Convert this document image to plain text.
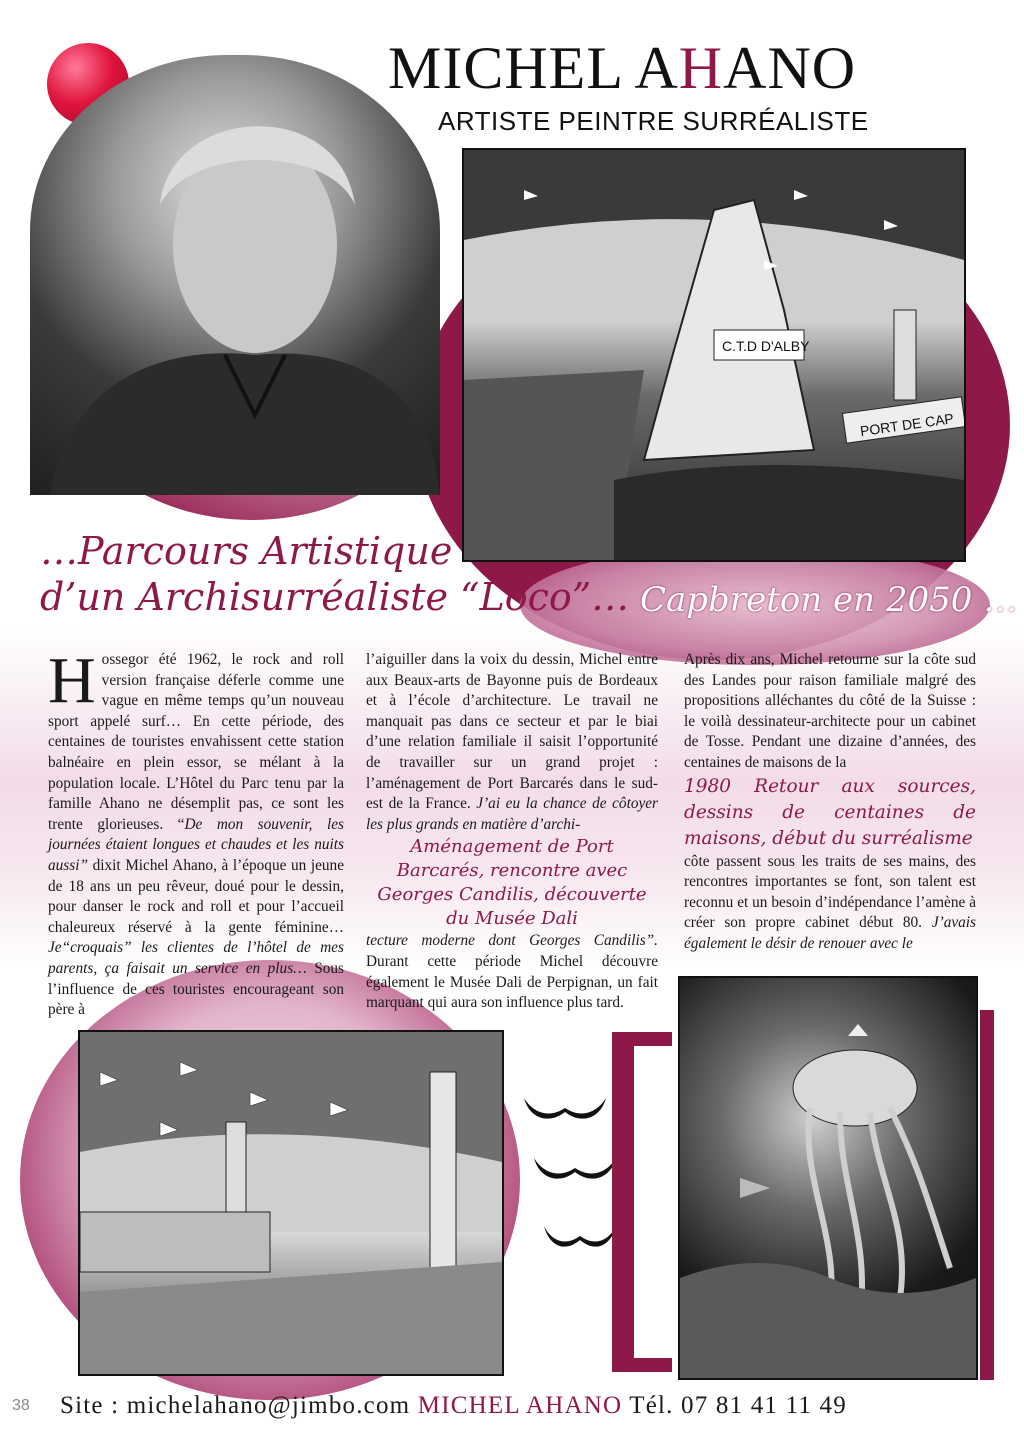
MICHEL AHANO
ARTISTE PEINTRE SURRÉALISTE
C.T.D D'ALBY
PORT DE CAP
…Parcours Artistique
d’un Archisurréaliste “Loco”… Capbreton en 2050 …

Hossegor été 1962, le rock and roll version française déferle comme une vague en même temps qu’un nouveau sport appelé surf… En cette période, des centaines de touristes envahissent cette station balnéaire en plein essor, se mélant à la population locale. L’Hôtel du Parc tenu par la famille Ahano ne désemplit pas, ce sont les trente glorieuses. “De mon souvenir, les journées étaient longues et chaudes et les nuits aussi” dixit Michel Ahano, à l’époque un jeune de 18 ans un peu rêveur, doué pour le dessin, pour danser le rock and roll et pour l’accueil chaleureux réservé à la gente féminine… Je“croquais” les clientes de l’hôtel de mes parents, ça faisait un service en plus… Sous l’influence de ces touristes encourageant son père à

l’aiguiller dans la voix du dessin, Michel entre aux Beaux-arts de Bayonne puis de Bordeaux et à l’école d’architecture. Le travail ne manquait pas dans ce secteur et par le biai d’une relation familiale il saisit l’opportunité de travailler sur un grand projet : l’aménagement de Port Barcarés dans le sud-est de la France. J’ai eu la chance de côtoyer les plus grands en matière d’archi-

Aménagement de Port Barcarés, rencontre avec Georges Candilis, découverte du Musée Dali

tecture moderne dont Georges Candilis”. Durant cette période Michel découvre également le Musée Dali de Perpignan, un fait marquant qui aura son influence plus tard.

Après dix ans, Michel retourne sur la côte sud des Landes pour raison familiale malgré des propositions alléchantes du côté de la Suisse : le voilà dessinateur-architecte pour un cabinet de Tosse. Pendant une dizaine d’années, des centaines de maisons de la

1980 Retour aux sources, dessins de centaines de maisons, début du surréalisme

côte passent sous les traits de ses mains, des rencontres importantes se font, son talent est reconnu et un besoin d’indépendance l’amène à créer son propre cabinet début 80. J’avais également le désir de renouer avec le

38 Site : michelahano@jimbo.com MICHEL AHANO Tél. 07 81 41 11 49
